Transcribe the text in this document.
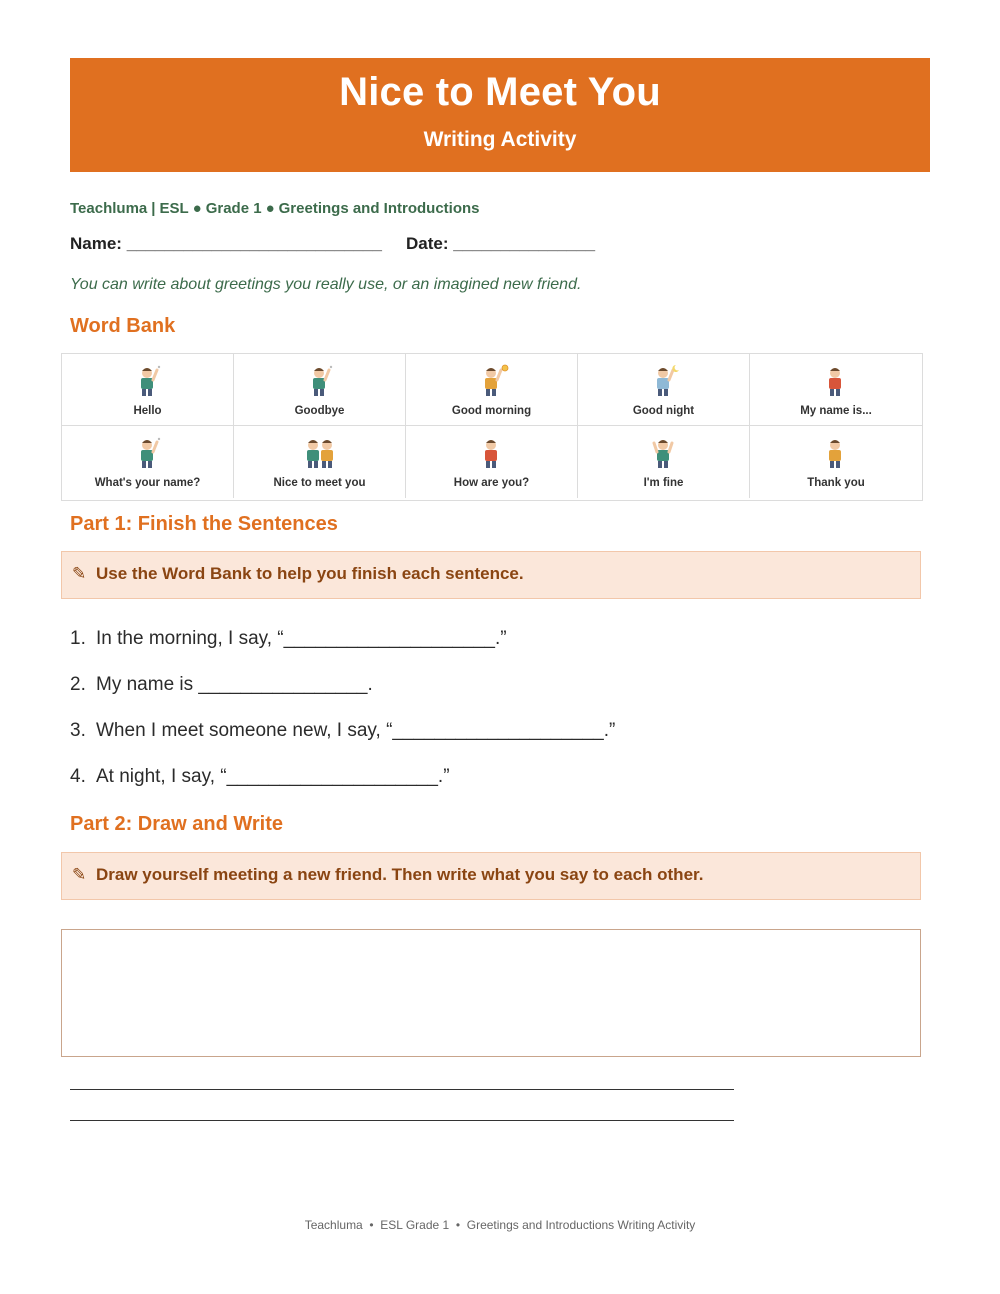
Nice to Meet You
Writing Activity
Teachluma | ESL ● Grade 1 ● Greetings and Introductions
Name: ___________________________ Date: _______________
You can write about greetings you really use, or an imagined new friend.
Word Bank
Hello	Goodbye	Good morning	Good night	My name is...
What's your name?	Nice to meet you	How are you?	I'm fine	Thank you
Part 1: Finish the Sentences
✎ Use the Word Bank to help you finish each sentence.
1. In the morning, I say, “____________________.”
2. My name is ________________.
3. When I meet someone new, I say, “____________________.”
4. At night, I say, “____________________.”
Part 2: Draw and Write
✎ Draw yourself meeting a new friend. Then write what you say to each other.
Teachluma  •  ESL Grade 1  •  Greetings and Introductions Writing Activity
